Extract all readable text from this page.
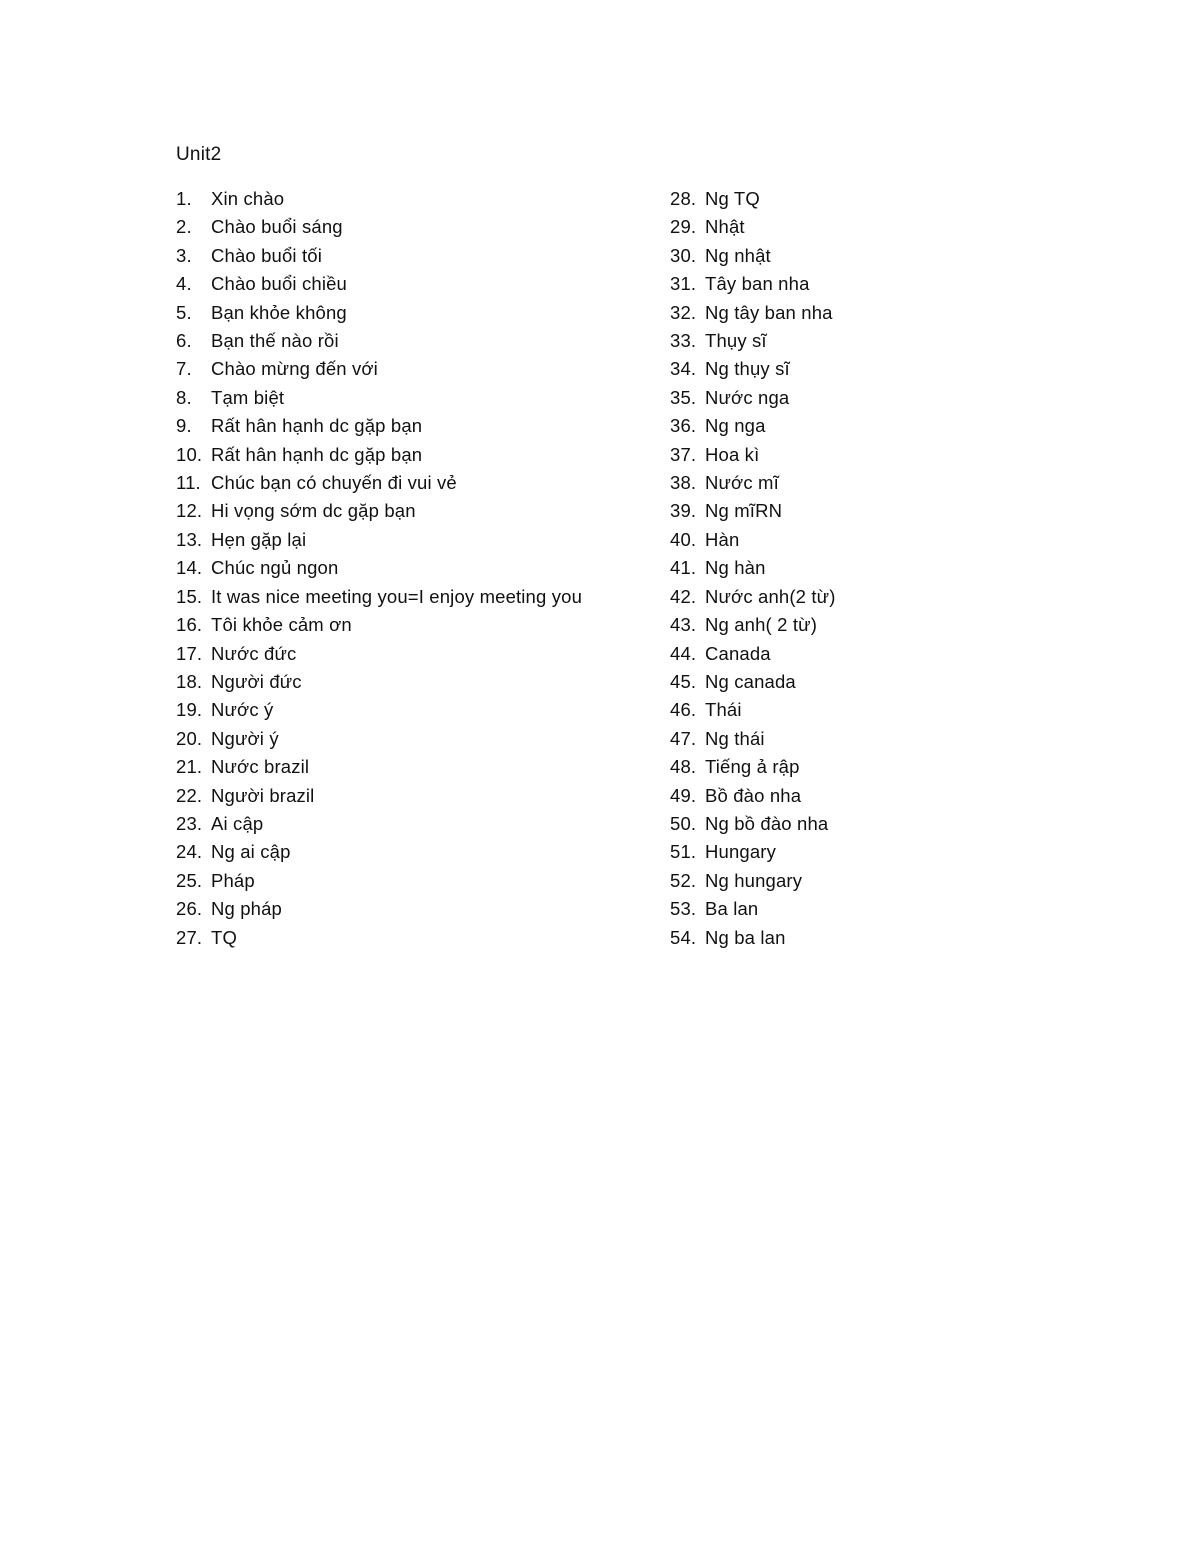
Unit2
1.	Xin chào
2.	Chào buổi sáng
3.	Chào buổi tối
4.	Chào buổi chiều
5.	Bạn khỏe không
6.	Bạn thế nào rồi
7.	Chào mừng đến với
8.	Tạm biệt
9.	Rất hân hạnh dc gặp bạn
10. Rất hân hạnh dc gặp bạn
11. Chúc bạn có chuyến đi vui vẻ
12. Hi vọng sớm dc gặp bạn
13. Hẹn gặp lại
14. Chúc ngủ ngon
15. It was nice meeting you=I enjoy meeting you
16. Tôi khỏe cảm ơn
17. Nước đức
18. Người đức
19. Nước ý
20. Người ý
21. Nước brazil
22. Người brazil
23. Ai cập
24. Ng ai cập
25. Pháp
26. Ng pháp
27. TQ
28. Ng TQ
29. Nhật
30. Ng nhật
31. Tây ban nha
32. Ng tây ban nha
33. Thụy sĩ
34. Ng thụy sĩ
35. Nước nga
36. Ng nga
37. Hoa kì
38. Nước mĩ
39. Ng mĩRN
40. Hàn
41. Ng hàn
42. Nước anh(2 từ)
43. Ng anh( 2 từ)
44. Canada
45. Ng canada
46. Thái
47. Ng thái
48. Tiếng ả rập
49. Bồ đào nha
50. Ng bồ đào nha
51. Hungary
52. Ng hungary
53. Ba lan
54. Ng ba lan
